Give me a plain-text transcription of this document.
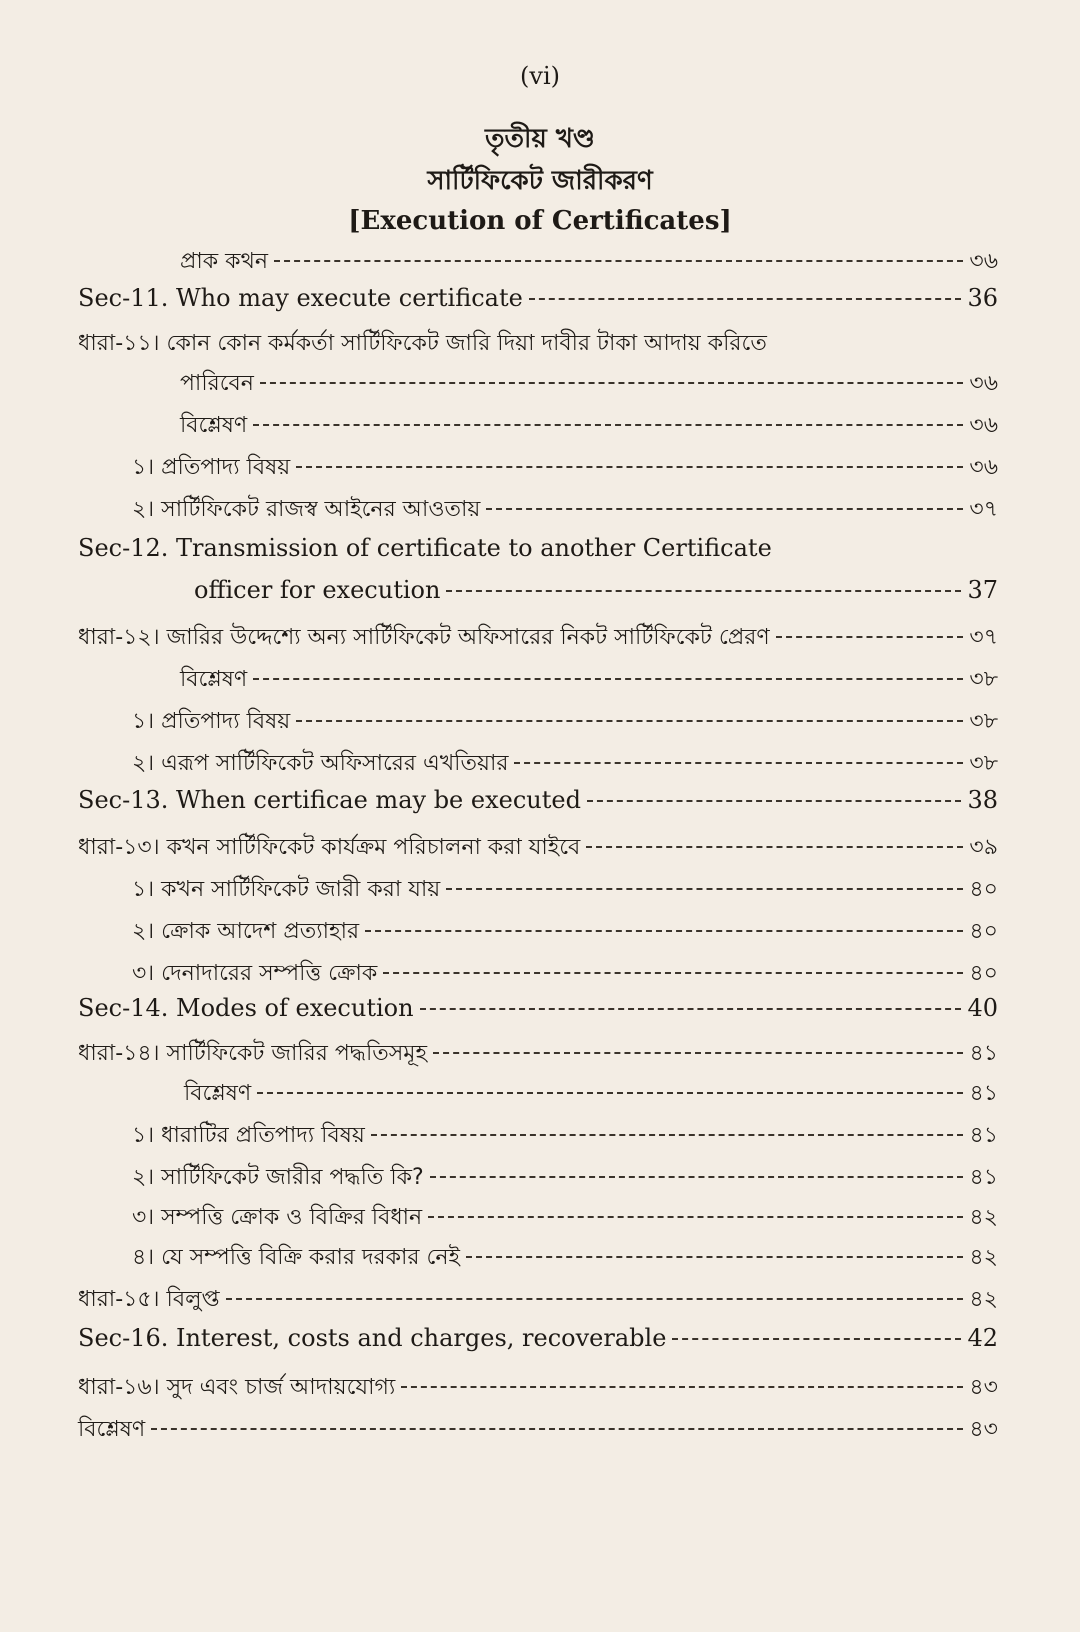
(vi)
তৃতীয় খণ্ড
সার্টিফিকেট জারীকরণ
[Execution of Certificates]
প্রাক কথন	৩৬
Sec-11. Who may execute certificate	36
ধারা-১১। কোন কোন কর্মকর্তা সার্টিফিকেট জারি দিয়া দাবীর টাকা আদায় করিতে
পারিবেন	৩৬
বিশ্লেষণ	৩৬
১। প্রতিপাদ্য বিষয়	৩৬
২। সার্টিফিকেট রাজস্ব আইনের আওতায়	৩৭
Sec-12. Transmission of certificate to another Certificate
officer for execution	37
ধারা-১২। জারির উদ্দেশ্যে অন্য সার্টিফিকেট অফিসারের নিকট সার্টিফিকেট প্রেরণ	৩৭
বিশ্লেষণ	৩৮
১। প্রতিপাদ্য বিষয়	৩৮
২। এরূপ সার্টিফিকেট অফিসারের এখতিয়ার	৩৮
Sec-13. When certificae may be executed	38
ধারা-১৩। কখন সার্টিফিকেট কার্যক্রম পরিচালনা করা যাইবে	৩৯
১। কখন সার্টিফিকেট জারী করা যায়	৪০
২। ক্রোক আদেশ প্রত্যাহার	৪০
৩। দেনাদারের সম্পত্তি ক্রোক	৪০
Sec-14. Modes of execution	40
ধারা-১৪। সার্টিফিকেট জারির পদ্ধতিসমূহ	৪১
বিশ্লেষণ	৪১
১। ধারাটির প্রতিপাদ্য বিষয়	৪১
২। সার্টিফিকেট জারীর পদ্ধতি কি?	৪১
৩। সম্পত্তি ক্রোক ও বিক্রির বিধান	৪২
৪। যে সম্পত্তি বিক্রি করার দরকার নেই	৪২
ধারা-১৫। বিলুপ্ত	৪২
Sec-16. Interest, costs and charges, recoverable	42
ধারা-১৬। সুদ এবং চার্জ আদায়যোগ্য	৪৩
বিশ্লেষণ	৪৩
